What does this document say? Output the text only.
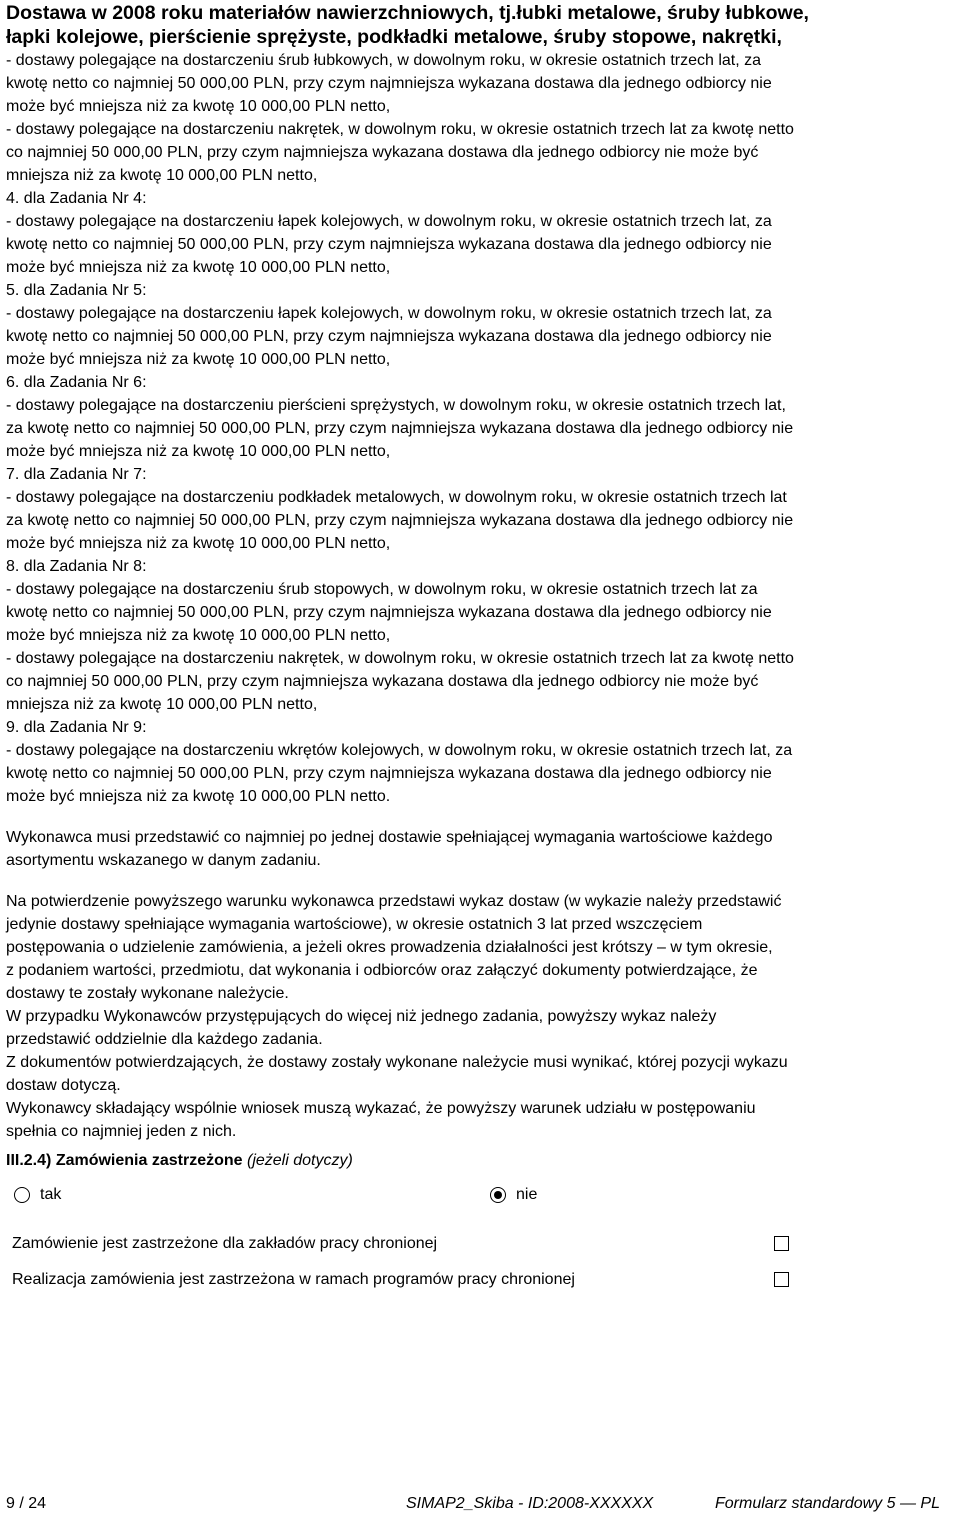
Dostawa w 2008 roku materiałów nawierzchniowych, tj.łubki metalowe, śruby łubkowe,
łapki kolejowe, pierścienie sprężyste, podkładki metalowe, śruby stopowe, nakrętki,
- dostawy polegające na dostarczeniu śrub łubkowych, w dowolnym roku, w okresie ostatnich trzech lat, za
kwotę netto co najmniej 50 000,00 PLN, przy czym najmniejsza wykazana dostawa dla jednego odbiorcy nie
może być mniejsza niż za kwotę 10 000,00 PLN netto,
- dostawy polegające na dostarczeniu nakrętek, w dowolnym roku, w okresie ostatnich trzech lat za kwotę netto
co najmniej 50 000,00 PLN, przy czym najmniejsza wykazana dostawa dla jednego odbiorcy nie może być
mniejsza niż za kwotę 10 000,00 PLN netto,
4. dla Zadania Nr 4:
- dostawy polegające na dostarczeniu łapek kolejowych, w dowolnym roku, w okresie ostatnich trzech lat, za
kwotę netto co najmniej 50 000,00 PLN, przy czym najmniejsza wykazana dostawa dla jednego odbiorcy nie
może być mniejsza niż za kwotę 10 000,00 PLN netto,
5. dla Zadania Nr 5:
- dostawy polegające na dostarczeniu łapek kolejowych, w dowolnym roku, w okresie ostatnich trzech lat, za
kwotę netto co najmniej 50 000,00 PLN, przy czym najmniejsza wykazana dostawa dla jednego odbiorcy nie
może być mniejsza niż za kwotę 10 000,00 PLN netto,
6. dla Zadania Nr 6:
- dostawy polegające na dostarczeniu pierścieni sprężystych, w dowolnym roku, w okresie ostatnich trzech lat,
za kwotę netto co najmniej 50 000,00 PLN, przy czym najmniejsza wykazana dostawa dla jednego odbiorcy nie
może być mniejsza niż za kwotę 10 000,00 PLN netto,
7. dla Zadania Nr 7:
- dostawy polegające na dostarczeniu podkładek metalowych, w dowolnym roku, w okresie ostatnich trzech lat
za kwotę netto co najmniej 50 000,00 PLN, przy czym najmniejsza wykazana dostawa dla jednego odbiorcy nie
może być mniejsza niż za kwotę 10 000,00 PLN netto,
8. dla Zadania Nr 8:
- dostawy polegające na dostarczeniu śrub stopowych, w dowolnym roku, w okresie ostatnich trzech lat za
kwotę netto co najmniej 50 000,00 PLN, przy czym najmniejsza wykazana dostawa dla jednego odbiorcy nie
może być mniejsza niż za kwotę 10 000,00 PLN netto,
- dostawy polegające na dostarczeniu nakrętek, w dowolnym roku, w okresie ostatnich trzech lat za kwotę netto
co najmniej 50 000,00 PLN, przy czym najmniejsza wykazana dostawa dla jednego odbiorcy nie może być
mniejsza niż za kwotę 10 000,00 PLN netto,
9. dla Zadania Nr 9:
- dostawy polegające na dostarczeniu wkrętów kolejowych, w dowolnym roku, w okresie ostatnich trzech lat, za
kwotę netto co najmniej 50 000,00 PLN, przy czym najmniejsza wykazana dostawa dla jednego odbiorcy nie
może być mniejsza niż za kwotę 10 000,00 PLN netto.
Wykonawca musi przedstawić co najmniej po jednej dostawie spełniającej wymagania wartościowe każdego
asortymentu wskazanego w danym zadaniu.
Na potwierdzenie powyższego warunku wykonawca przedstawi wykaz dostaw (w wykazie należy przedstawić
jedynie dostawy spełniające wymagania wartościowe), w okresie ostatnich 3 lat przed wszczęciem
postępowania o udzielenie zamówienia, a jeżeli okres prowadzenia działalności jest krótszy – w tym okresie,
z podaniem wartości, przedmiotu, dat wykonania i odbiorców oraz załączyć dokumenty potwierdzające, że
dostawy te zostały wykonane należycie.
W przypadku Wykonawców przystępujących do więcej niż jednego zadania, powyższy wykaz należy
przedstawić oddzielnie dla każdego zadania.
Z dokumentów potwierdzających, że dostawy zostały wykonane należycie musi wynikać, której pozycji wykazu
dostaw dotyczą.
Wykonawcy składający wspólnie wniosek muszą wykazać, że powyższy warunek udziału w postępowaniu
spełnia co najmniej jeden z nich.
III.2.4) Zamówienia zastrzeżone (jeżeli dotyczy)
tak	nie
Zamówienie jest zastrzeżone dla zakładów pracy chronionej
Realizacja zamówienia jest zastrzeżona w ramach programów pracy chronionej
9 / 24	SIMAP2_Skiba - ID:2008-XXXXXX	Formularz standardowy 5 — PL
